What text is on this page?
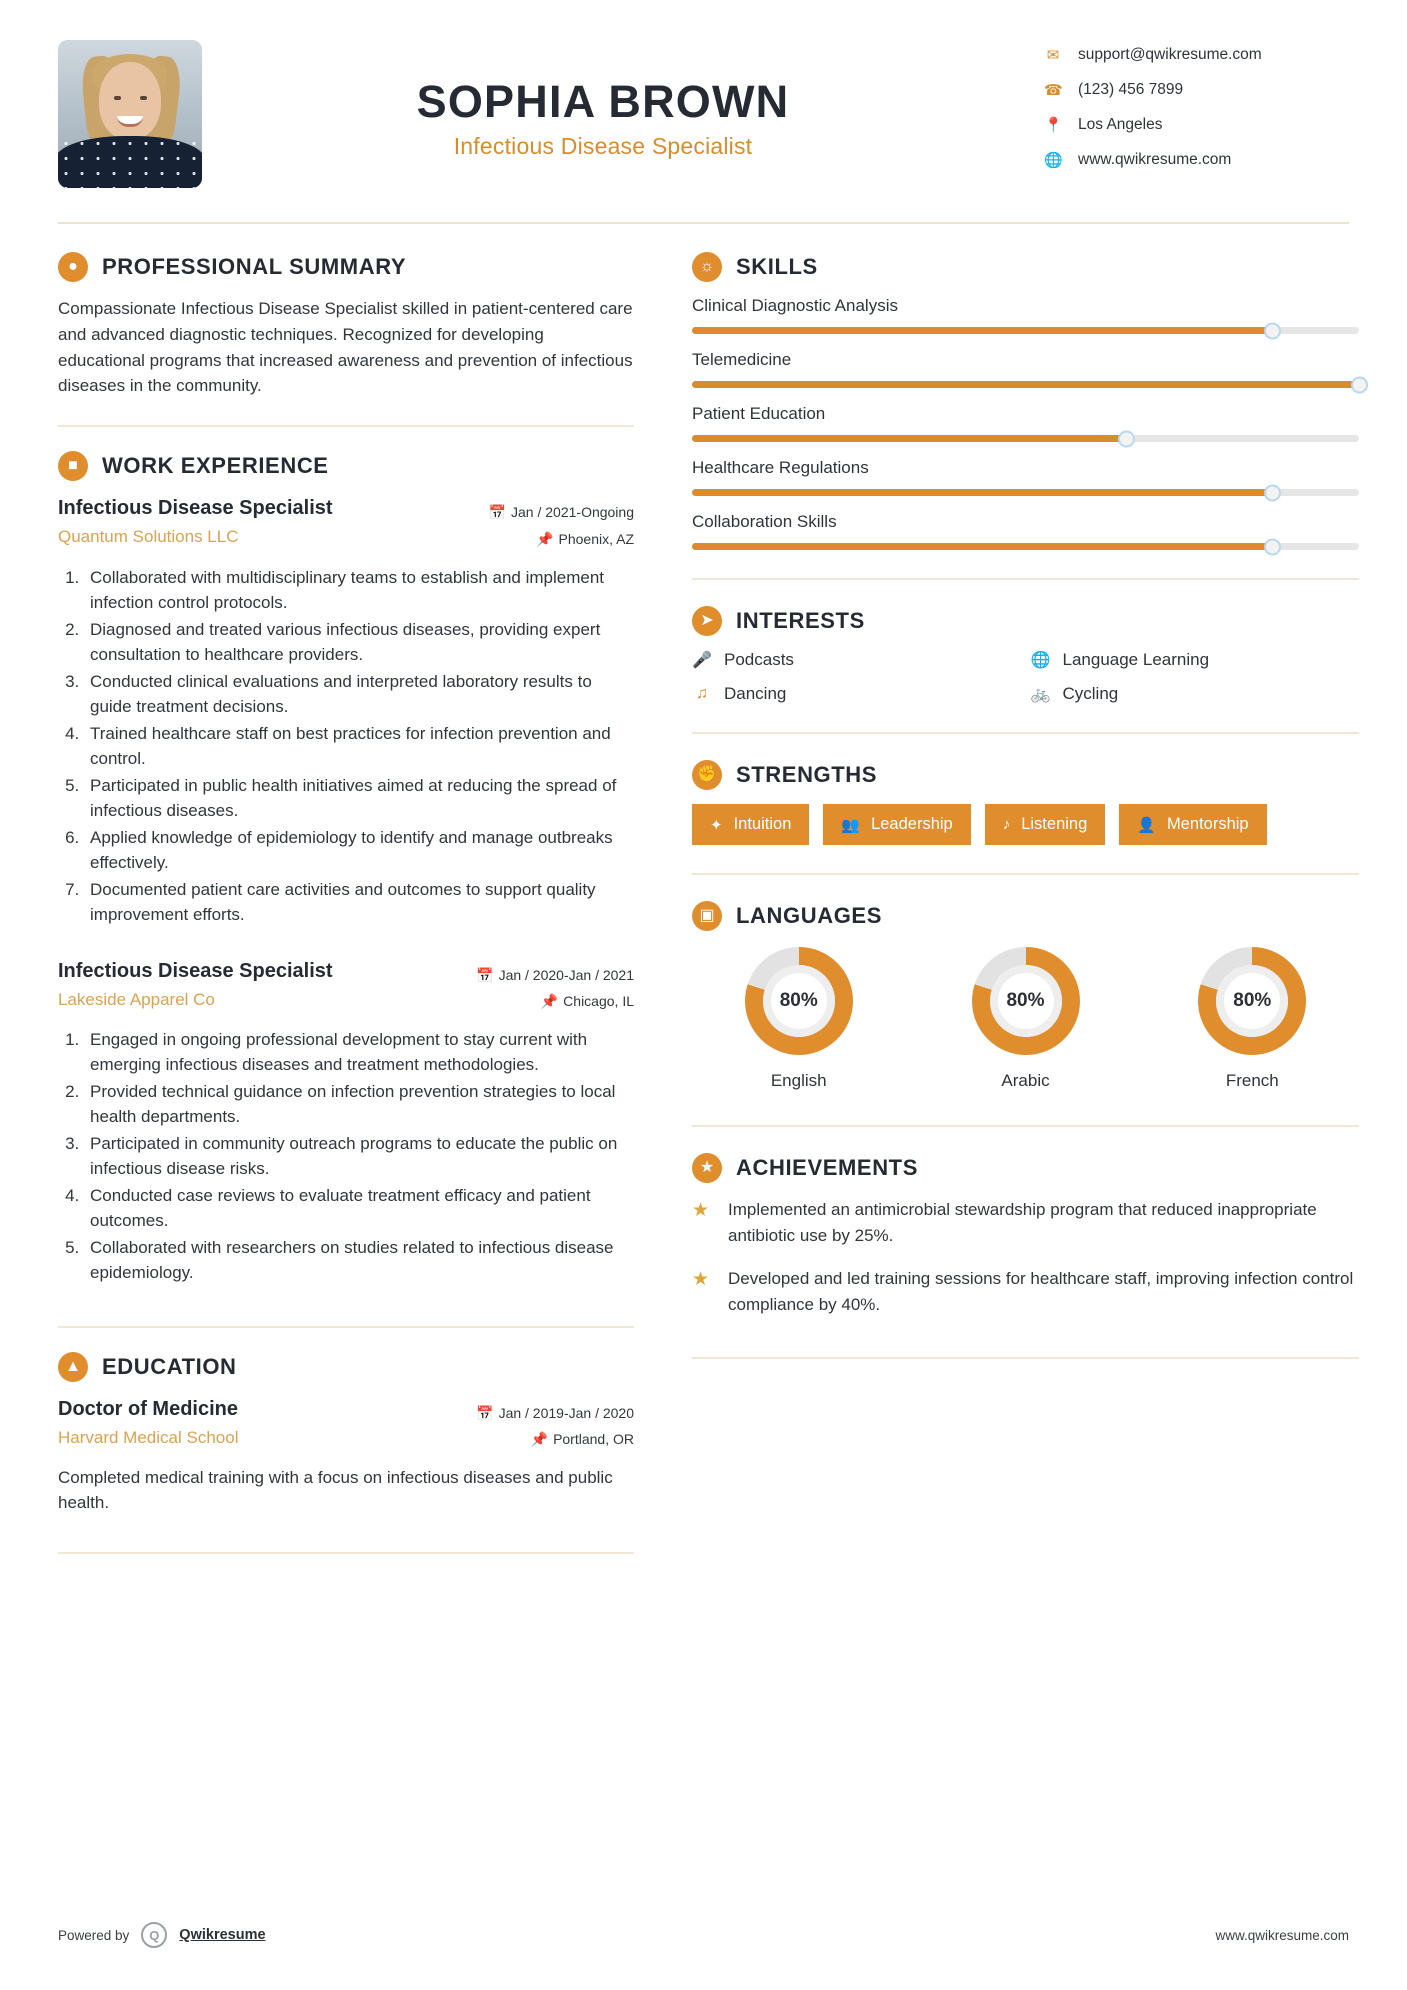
SOPHIA BROWN
Infectious Disease Specialist
✉ support@qwikresume.com
☎ (123) 456 7899
📍 Los Angeles
🌐 www.qwikresume.com
●	PROFESSIONAL SUMMARY
Compassionate Infectious Disease Specialist skilled in patient-centered care and advanced diagnostic techniques. Recognized for developing educational programs that increased awareness and prevention of infectious diseases in the community.
■	WORK EXPERIENCE
Infectious Disease Specialist
Quantum Solutions LLC
📅 Jan / 2021-Ongoing
📌 Phoenix, AZ
1. Collaborated with multidisciplinary teams to establish and implement infection control protocols.
2. Diagnosed and treated various infectious diseases, providing expert consultation to healthcare providers.
3. Conducted clinical evaluations and interpreted laboratory results to guide treatment decisions.
4. Trained healthcare staff on best practices for infection prevention and control.
5. Participated in public health initiatives aimed at reducing the spread of infectious diseases.
6. Applied knowledge of epidemiology to identify and manage outbreaks effectively.
7. Documented patient care activities and outcomes to support quality improvement efforts.
Infectious Disease Specialist
Lakeside Apparel Co
📅 Jan / 2020-Jan / 2021
📌 Chicago, IL
1. Engaged in ongoing professional development to stay current with emerging infectious diseases and treatment methodologies.
2. Provided technical guidance on infection prevention strategies to local health departments.
3. Participated in community outreach programs to educate the public on infectious disease risks.
4. Conducted case reviews to evaluate treatment efficacy and patient outcomes.
5. Collaborated with researchers on studies related to infectious disease epidemiology.
▲ EDUCATION
Doctor of Medicine
Harvard Medical School
📅 Jan / 2019-Jan / 2020
📌 Portland, OR
Completed medical training with a focus on infectious diseases and public health.
☼ SKILLS
Clinical Diagnostic Analysis
Telemedicine
Patient Education
Healthcare Regulations
Collaboration Skills
➤	INTERESTS
🎤 Podcasts	🌐 Language Learning
♫ Dancing	🚲 Cycling
✊ STRENGTHS
✦ Intuition	👥 Leadership	♪ Listening	👤 Mentorship
▣ LANGUAGES
80%
English
80%
Arabic
80%
French
★ ACHIEVEMENTS
★ Implemented an antimicrobial stewardship program that reduced inappropriate antibiotic use by 25%.
★ Developed and led training sessions for healthcare staff, improving infection control compliance by 40%.
Powered by	Q	Qwikresume	www.qwikresume.com
